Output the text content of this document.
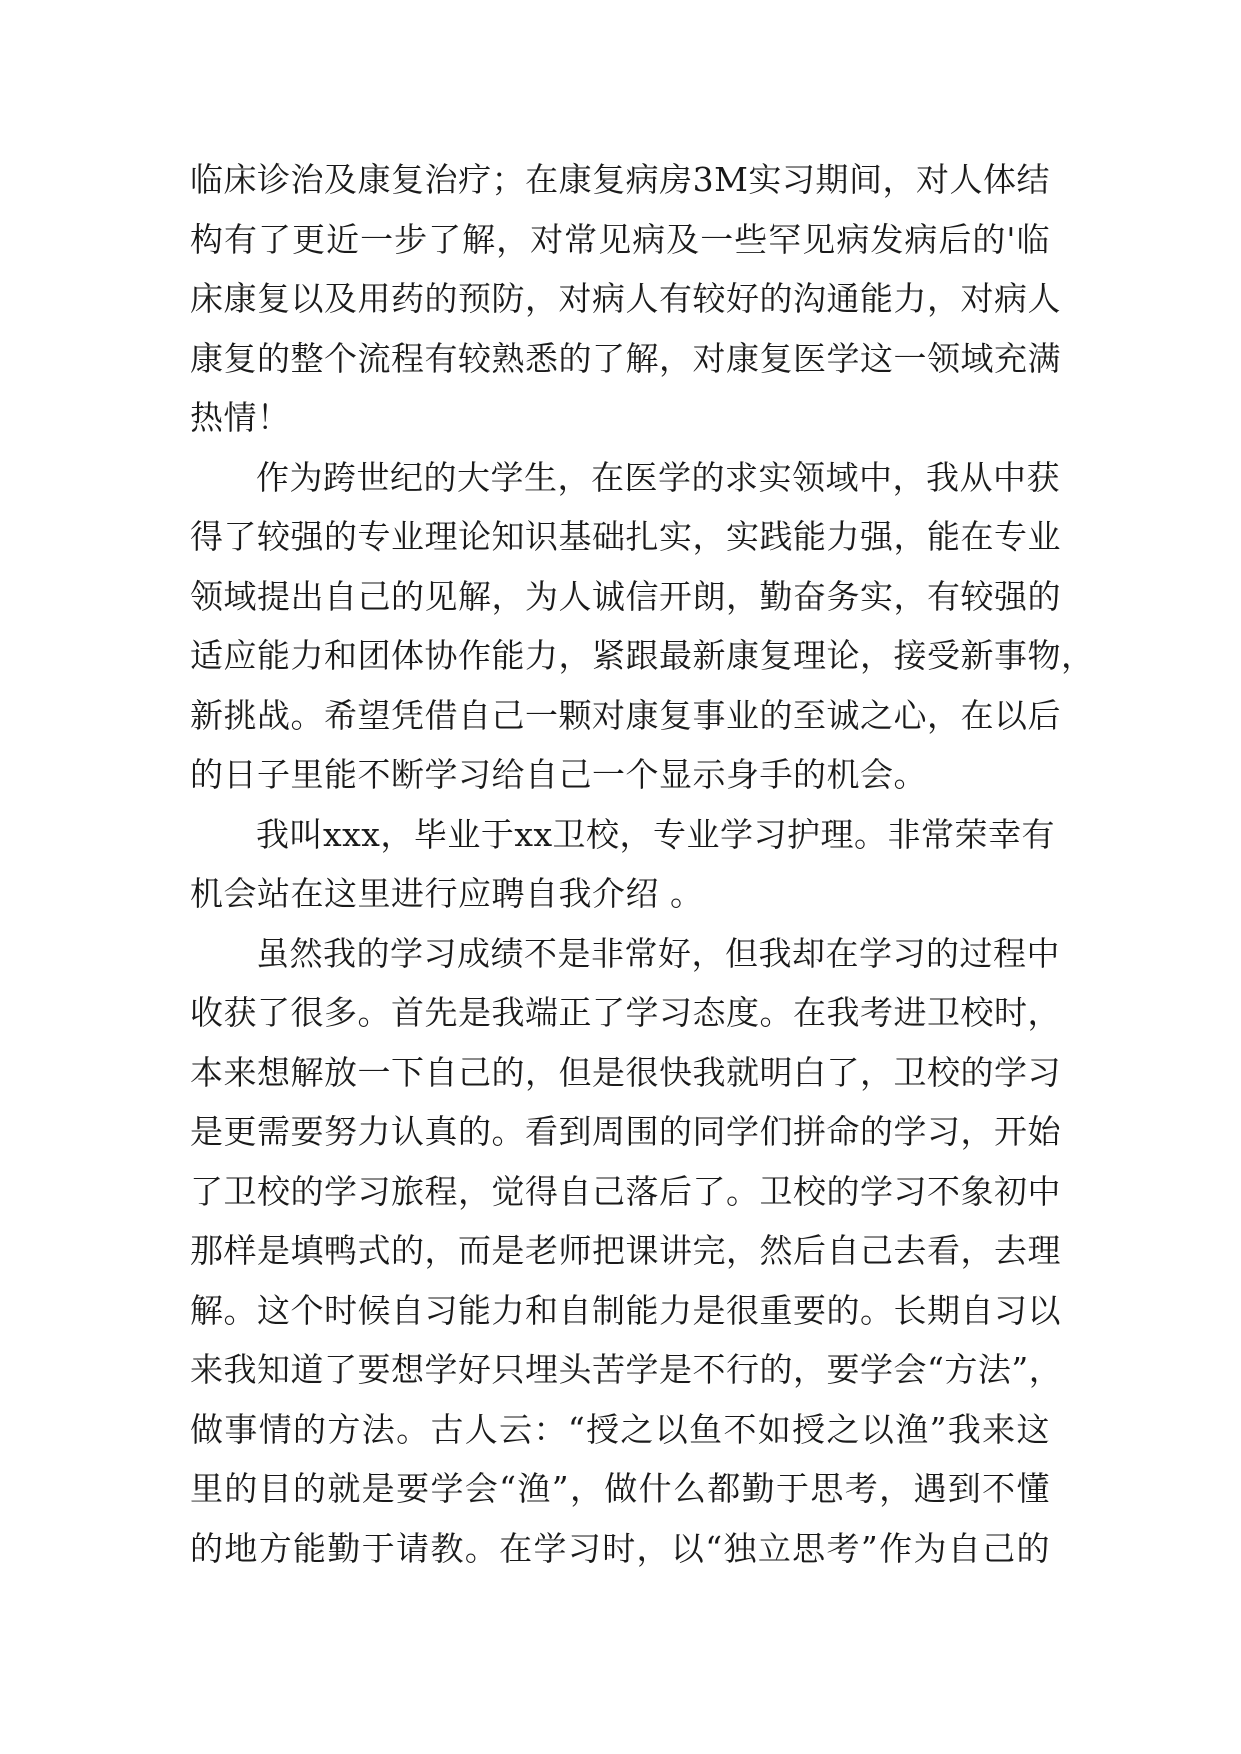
临床诊治及康复治疗；在康复病房3M实习期间，对人体结
构有了更近一步了解，对常见病及一些罕见病发病后的'临
床康复以及用药的预防，对病人有较好的沟通能力，对病人
康复的整个流程有较熟悉的了解，对康复医学这一领域充满
热情！
作为跨世纪的大学生，在医学的求实领域中，我从中获
得了较强的专业理论知识基础扎实，实践能力强，能在专业
领域提出自己的见解，为人诚信开朗，勤奋务实，有较强的
适应能力和团体协作能力，紧跟最新康复理论，接受新事物，
新挑战。希望凭借自己一颗对康复事业的至诚之心，在以后
的日子里能不断学习给自己一个显示身手的机会。
我叫xxx，毕业于xx卫校，专业学习护理。非常荣幸有
机会站在这里进行应聘自我介绍 。
虽然我的学习成绩不是非常好，但我却在学习的过程中
收获了很多。首先是我端正了学习态度。在我考进卫校时，
本来想解放一下自己的，但是很快我就明白了，卫校的学习
是更需要努力认真的。看到周围的同学们拼命的学习，开始
了卫校的学习旅程，觉得自己落后了。卫校的学习不象初中
那样是填鸭式的，而是老师把课讲完，然后自己去看，去理
解。这个时候自习能力和自制能力是很重要的。长期自习以
来我知道了要想学好只埋头苦学是不行的，要学会“方法”，
做事情的方法。古人云：“授之以鱼不如授之以渔”我来这
里的目的就是要学会“渔”，做什么都勤于思考，遇到不懂
的地方能勤于请教。在学习时，以“独立思考”作为自己的
